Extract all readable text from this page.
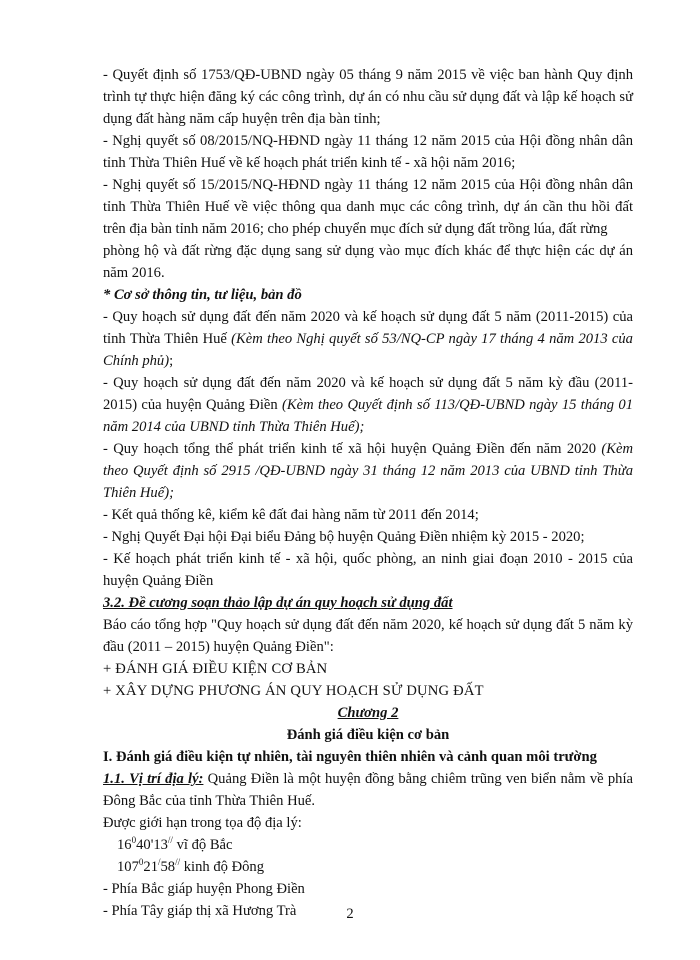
- Quyết định số 1753/QĐ-UBND ngày 05 tháng 9 năm 2015 về việc ban hành Quy định trình tự thực hiện đăng ký các công trình, dự án có nhu cầu sử dụng đất và lập kế hoạch sử dụng đất hàng năm cấp huyện trên địa bàn tỉnh;

- Nghị quyết số 08/2015/NQ-HĐND ngày 11 tháng 12 năm 2015 của Hội đồng nhân dân tỉnh Thừa Thiên Huế về kế hoạch phát triển kinh tế - xã hội năm 2016;

- Nghị quyết số 15/2015/NQ-HĐND ngày 11 tháng 12 năm 2015 của Hội đồng nhân dân tỉnh Thừa Thiên Huế về việc thông qua danh mục các công trình, dự án cần thu hồi đất trên địa bàn tỉnh năm 2016; cho phép chuyển mục đích sử dụng đất trồng lúa, đất rừng

phòng hộ và đất rừng đặc dụng sang sử dụng vào mục đích khác để thực hiện các dự án năm 2016.

* Cơ sở thông tin, tư liệu, bản đồ

- Quy hoạch sử dụng đất đến năm 2020 và kế hoạch sử dụng đất 5 năm (2011-2015) của tỉnh Thừa Thiên Huế (Kèm theo Nghị quyết số 53/NQ-CP ngày 17 tháng 4 năm 2013 của Chính phủ);

- Quy hoạch sử dụng đất đến năm 2020 và kế hoạch sử dụng đất 5 năm kỳ đầu (2011-2015) của huyện Quảng Điền (Kèm theo Quyết định số 113/QĐ-UBND ngày 15 tháng 01 năm 2014 của UBND tỉnh Thừa Thiên Huế);

- Quy hoạch tổng thể phát triển kinh tế xã hội huyện Quảng Điền đến năm 2020 (Kèm theo Quyết định số 2915 /QĐ-UBND ngày 31 tháng 12 năm 2013 của UBND tỉnh Thừa Thiên Huế);

- Kết quả thống kê, kiểm kê đất đai hàng năm từ 2011 đến 2014;

- Nghị Quyết Đại hội Đại biểu Đảng bộ huyện Quảng Điền nhiệm kỳ 2015 - 2020;

- Kế hoạch phát triển kinh tế - xã hội, quốc phòng, an ninh giai đoạn 2010 - 2015 của huyện Quảng Điền

3.2. Đề cương soạn thảo lập dự án quy hoạch sử dụng đất

Báo cáo tổng hợp "Quy hoạch sử dụng đất đến năm 2020, kế hoạch sử dụng đất 5 năm kỳ đầu (2011 – 2015) huyện Quảng Điền":

+ ĐÁNH GIÁ ĐIỀU KIỆN CƠ BẢN

+ XÂY DỰNG PHƯƠNG ÁN QUY HOẠCH SỬ DỤNG ĐẤT

Chương 2

Đánh giá điều kiện cơ bản

I. Đánh giá điều kiện tự nhiên, tài nguyên thiên nhiên và cảnh quan môi trường

1.1. Vị trí địa lý: Quảng Điền là một huyện đồng bằng chiêm trũng ven biển nằm về phía Đông Bắc của tỉnh Thừa Thiên Huế.

Được giới hạn trong tọa độ địa lý:

$16^040'13^{//}$ vĩ độ Bắc

$107^021^/58^{//}$ kinh độ Đông

- Phía Bắc giáp huyện Phong Điền

- Phía Tây giáp thị xã Hương Trà	2
